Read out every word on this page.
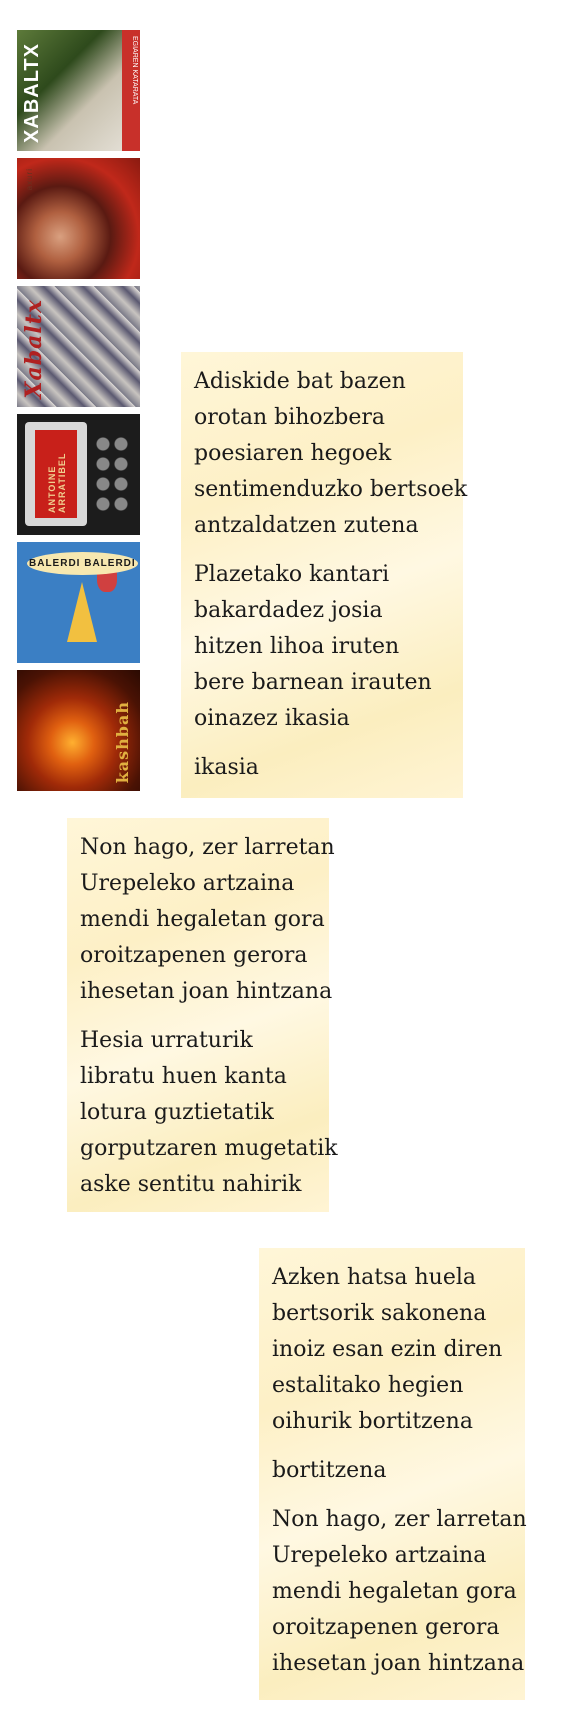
EGIAREN KATARATA
XABALTX
axuri
Xabaltx
ANTOINE ARRATIBEL
BALERDI BALERDI
kashbah
Adiskide bat bazen
orotan bihozbera
poesiaren hegoek
sentimenduzko bertsoek
antzaldatzen zutena
Plazetako kantari
bakardadez josia
hitzen lihoa iruten
bere barnean irauten
oinazez ikasia
ikasia
Non hago, zer larretan
Urepeleko artzaina
mendi hegaletan gora
oroitzapenen gerora
ihesetan joan hintzana
Hesia urraturik
libratu huen kanta
lotura guztietatik
gorputzaren mugetatik
aske sentitu nahirik
Azken hatsa huela
bertsorik sakonena
inoiz esan ezin diren
estalitako hegien
oihurik bortitzena
bortitzena
Non hago, zer larretan
Urepeleko artzaina
mendi hegaletan gora
oroitzapenen gerora
ihesetan joan hintzana
